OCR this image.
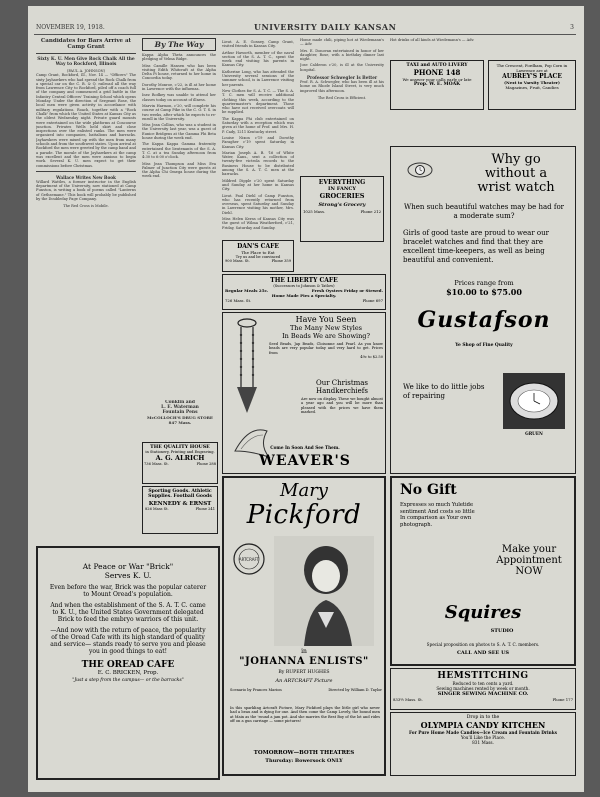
NOVEMBER 19, 1918.	UNIVERSITY DAILY KANSAN	3

Candidates for Bars Arrive at Camp Grant

Sixty K. U. Men Give Rock Chalk All the Way to Rockford, Illinois

(PAUL A. JOHNSON)

Camp Grant, Rockford, Ill., Nov. 14 — "Officers" The sixty Jayhawkers who had spread the Rock Chalk from a special car on the C. B. & Q. railroad all the way from Lawrence City to Rockford, piled off a coach full of the company and commenced a grid battle in the Infantry Central Officers' Training School which opens Monday. Under the direction of Sergeant Rose, the local men were given activity in accordance with military regulations. Roach, together with a "Rock Chalk" from which the United States at Kansas City as the oldest Wednesday night. Private guard mounts were entertained on the wide platforms at Concourse junction. Privates Wells held skirt and close inspections over the enlisted ranks. The men were organized into companies, battalions and barracks. Jayhawkers were mixed up with the men from many schools and from the southwest states. Upon arrival at Rockford the men were greeted by the camp band and a parade. The morale of the Jayhawkers at the camp was excellent and the men were anxious to begin work. Several K. U. men expect to get their commissions before Christmas.

Wallace Writes New Book

Willard Wattles, a former instructor in the English department of the University, now stationed at Camp Funston, is writing a book of poems called "Lanterns of Gethsemane." This book will probably be published by the Doubleday Page Company.

The Red Cross is Mobile.

By The Way

Kappa Alpha Theta announces the pledging of Velma Ridge.

Miss Camille Hansen who has been visiting Edith Whitcraft at the Alpha Delta Pi house, returned to her home in Concordia today.

Dorothy Monroe, c'22, is ill at her home in Lawrence with the influenza.

Inez Rodkey was unable to attend her classes today on account of illness.

Marvin Harmon, c'20, will complete his course at Camp Pike in the C. O. T. S. in two weeks, after which he expects to re-enroll in the University.

Miss Jean Collins, who was a student in the University last year, was a guest of Eunice Bridgens at the Gamma Phi Beta house during the week end.

The Kappa Kappa Gamma fraternity entertained the lieutenants of the S. A. T. C. at a tea Sunday afternoon from 4:30 to 6:00 o'clock.

Miss Jean Thompson and Miss Eva Palmer of Junction City were guests at the Alpha Chi Omega house during the week end.

Lieut. A. E. Gosney, Camp Grant, visited friends in Kansas City.

Arthur Haworth, member of the naval section of the S. A. T. C., spent the week end visiting his parents in Kansas City.

Katherine Long, who has attended the University several sessions of the summer school, is in Lawrence visiting her parents.

New Clothes for S. A. T. C. — The S. A. T. C. men will receive additional clothing this week, according to the quartermaster's department. Those who have not received overcoats will be supplied.

The Kappa Phi club entertained on Saturday with a reception which was given at the home of Prof. and Mrs. H. P. Cady, 1211 Kentucky street.

Louise Nixon c'19 and Dorothy Faragher c'19 spent Saturday in Kansas City.

Marian Joseph A. B. '16 of White Water, Kans., sent a collection of twenty-five victrola records to the Business House to be distributed among the S. A. T. C. men at the barracks.

Mildred Dipple c'20 spent Saturday and Sunday at her home in Kansas City.

Lieut. Paul Diehl of Camp Funston, who has recently returned from overseas, spent Saturday and Sunday in Lawrence visiting his mother, Mrs. Diehl.

Miss Helen Kerns of Kansas City was the guest of Wilma Weatherford, c'21, Friday, Saturday and Sunday.

Home made chili, piping hot at Wiedemann's — Adv.

Mrs. E. Donovan entertained in honor of her daughter, Rose, with a birthday dinner last night.

Jose Calderon c'20, is ill at the University hospital.

Professor Schwegler Is Better

Prof. R. A. Schwegler, who has been ill at his home on Rhode Island Street, is very much improved this afternoon.

The Red Cross is Efficient.

Hot drinks of all kinds at Wiedemann's — Adv.

TAXI and AUTO LIVERY

PHONE 148

We answer your calls early or late

Prop. W. E. MOAK

The Crescent, Fordham, Pop Corn in Lawrence are at

AUBREY'S PLACE

(Next to Varsity Theater)

Magazines, Fruit, Candies

EVERYTHING

IN FANCY

GROCERIES

Strong's Grocery

1025 Mass.	Phone 212

DAN'S CAFE

The Place to Eat

Try us and be convinced

900 Mass. St.	Phone 359

THE LIBERTY CAFE

(Successors to Johnson & Tatlow)

Regular Meals 25c.	Fresh Oysters Friday or Stewed.

Home Made Pies a Specialty.

726 Mass. St.	Phone 697

Have You Seen

The Many New Styles

In Beads We are Showing?

Seed Beads, Jap Beads, Cloisonne and Pearl. As you know beads are very popular today and very hard to get. Prices from

49c to $2.50

Our Christmas

Handkerchiefs

Are now on display. These we bought almost a year ago and you will be more than pleased with the prices we have them marked.

Come In Soon And See Them.

WEAVER'S

Why go

without a

wrist watch

When such beautiful watches may be had for a moderate sum?

Girls of good taste are proud to wear our bracelet watches and find that they are excellent time-keepers, as well as being beautiful and convenient.

Prices range from

$10.00 to $75.00

Gustafson

Ye Shop of Fine Quality

We like to do little jobs of repairing

GRUEN

Conklin and

L. E. Waterman

Fountain Pens

McCOLLOCH'S DRUG STORE

847 Mass.

THE QUALITY HOUSE

in Stationery, Printing and Engraving.

A. G. ALRICH

736 Mass. St.	Phone 288

Sporting Goods. Athletic

Supplies. Football Goods

KENNEDY & ERNST

826 Mass St.	Phone 241

At Peace or War "Brick"

Serves K. U.

Even before the war, Brick was the popular caterer to Mount Oread's population.

And when the establishment of the S. A. T. C. came to K. U., the United States Government delegated Brick to feed the embryo warriors of this unit.

—And now with the return of peace, the popularity of the Oread Cafe with its high standard of quality and service— stands ready to serve you and please you in good things to eat!

THE OREAD CAFE

E. C. BRICKEN, Prop.

"Just a step from the campus— or the barracks"

Mary

Pickford

ARTCRAFT

in

"JOHANNA ENLISTS"

By RUPERT HUGHES

An ARTCRAFT Picture

Scenario by Frances Marion	Directed by William D. Taylor

In this sparkling Artcraft Picture, Mary Pickford plays the little girl who never had a beau and is dying for one. And then come the Camp Lovely, the bound men at Main as the 'round a jam pot. And she marries the Best Boy of the lot and rides off on a gun carriage — some pictures!

TOMORROW—BOTH THEATRES

Thursday: Bowersock ONLY

No Gift

Expresses so much Yuletide sentiment And costs so little In comparison as Your own photograph.

Make your

Appointment

NOW

Squires

STUDIO

Special proposition on photos to S. A. T. C. members.

CALL AND SEE US

HEMSTITCHING

Reduced to ten cents a yard.

Sewing machines rented by week or month.

SINGER SEWING MACHINE CO.

833½ Mass. St.	Phone 177

Drop in to the

OLYMPIA CANDY KITCHEN

For Pure Home Made Candies—Ice Cream and Fountain Drinks

You'll Like the Place.

831 Mass.
